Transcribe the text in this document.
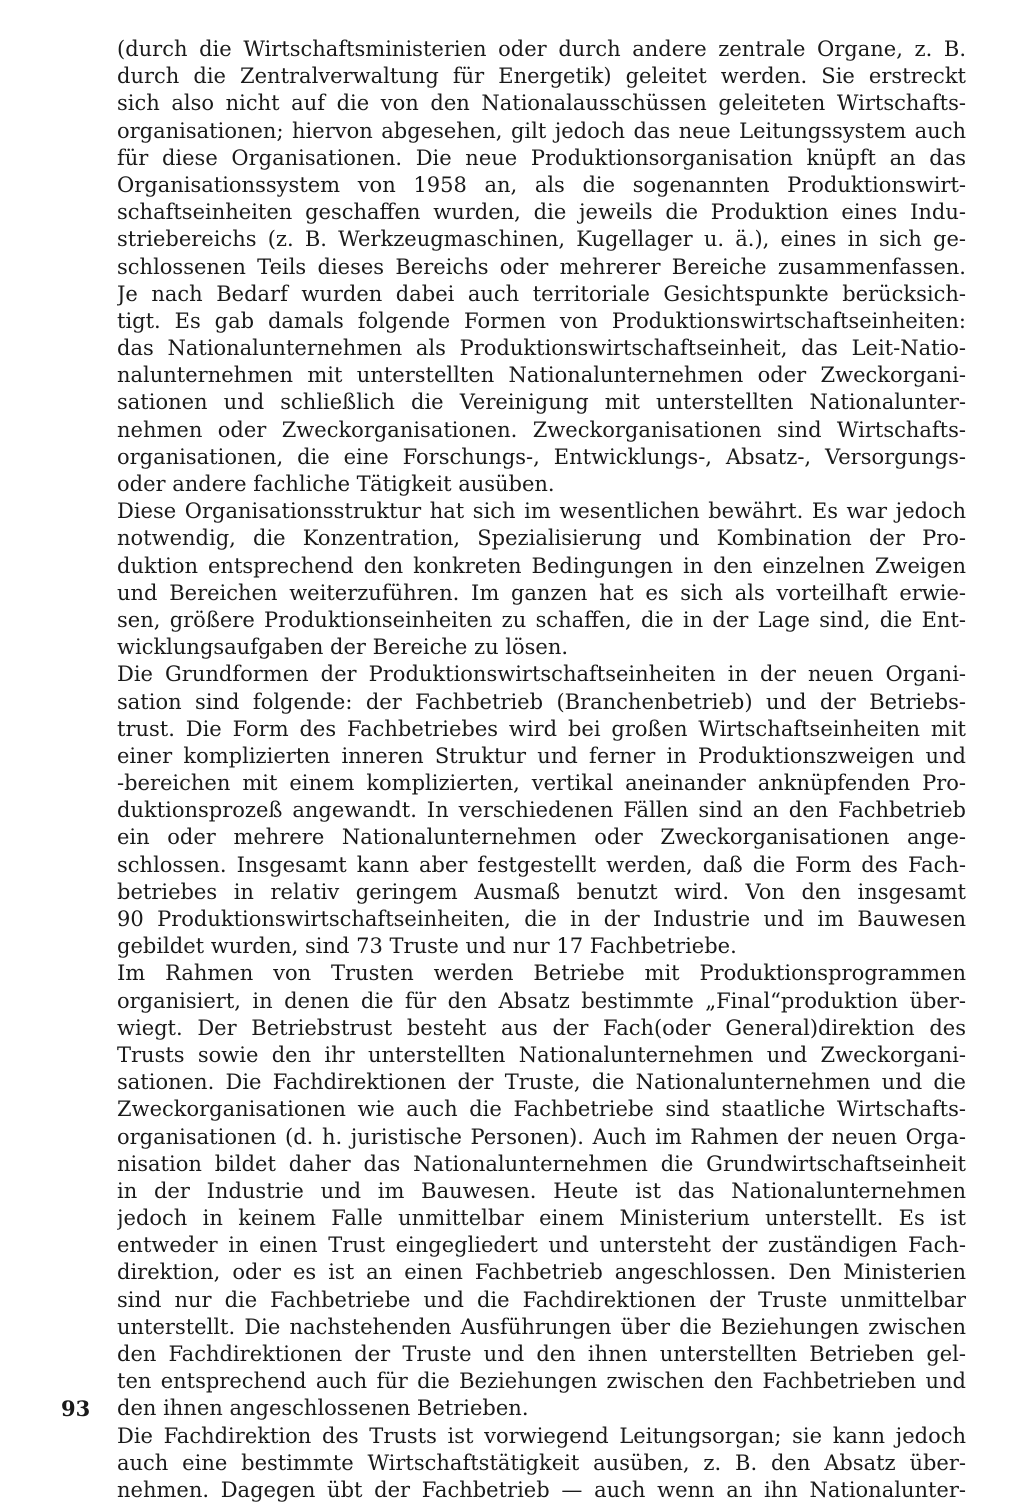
(durch die Wirtschaftsministerien oder durch andere zentrale Organe, z. B.
durch die Zentralverwaltung für Energetik) geleitet werden. Sie erstreckt
sich also nicht auf die von den Nationalausschüssen geleiteten Wirtschafts-
organisationen; hiervon abgesehen, gilt jedoch das neue Leitungssystem auch
für diese Organisationen. Die neue Produktionsorganisation knüpft an das
Organisationssystem von 1958 an, als die sogenannten Produktionswirt-
schaftseinheiten geschaffen wurden, die jeweils die Produktion eines Indu-
striebereichs (z. B. Werkzeugmaschinen, Kugellager u. ä.), eines in sich ge-
schlossenen Teils dieses Bereichs oder mehrerer Bereiche zusammenfassen.
Je nach Bedarf wurden dabei auch territoriale Gesichtspunkte berücksich-
tigt. Es gab damals folgende Formen von Produktionswirtschaftseinheiten:
das Nationalunternehmen als Produktionswirtschaftseinheit, das Leit-Natio-
nalunternehmen mit unterstellten Nationalunternehmen oder Zweckorgani-
sationen und schließlich die Vereinigung mit unterstellten Nationalunter-
nehmen oder Zweckorganisationen. Zweckorganisationen sind Wirtschafts-
organisationen, die eine Forschungs-, Entwicklungs-, Absatz-, Versorgungs-
oder andere fachliche Tätigkeit ausüben.
Diese Organisationsstruktur hat sich im wesentlichen bewährt. Es war jedoch
notwendig, die Konzentration, Spezialisierung und Kombination der Pro-
duktion entsprechend den konkreten Bedingungen in den einzelnen Zweigen
und Bereichen weiterzuführen. Im ganzen hat es sich als vorteilhaft erwie-
sen, größere Produktionseinheiten zu schaffen, die in der Lage sind, die Ent-
wicklungsaufgaben der Bereiche zu lösen.
Die Grundformen der Produktionswirtschaftseinheiten in der neuen Organi-
sation sind folgende: der Fachbetrieb (Branchenbetrieb) und der Betriebs-
trust. Die Form des Fachbetriebes wird bei großen Wirtschaftseinheiten mit
einer komplizierten inneren Struktur und ferner in Produktionszweigen und
-bereichen mit einem komplizierten, vertikal aneinander anknüpfenden Pro-
duktionsprozeß angewandt. In verschiedenen Fällen sind an den Fachbetrieb
ein oder mehrere Nationalunternehmen oder Zweckorganisationen ange-
schlossen. Insgesamt kann aber festgestellt werden, daß die Form des Fach-
betriebes in relativ geringem Ausmaß benutzt wird. Von den insgesamt
90 Produktionswirtschaftseinheiten, die in der Industrie und im Bauwesen
gebildet wurden, sind 73 Truste und nur 17 Fachbetriebe.
Im Rahmen von Trusten werden Betriebe mit Produktionsprogrammen
organisiert, in denen die für den Absatz bestimmte „Final“produktion über-
wiegt. Der Betriebstrust besteht aus der Fach(oder General)direktion des
Trusts sowie den ihr unterstellten Nationalunternehmen und Zweckorgani-
sationen. Die Fachdirektionen der Truste, die Nationalunternehmen und die
Zweckorganisationen wie auch die Fachbetriebe sind staatliche Wirtschafts-
organisationen (d. h. juristische Personen). Auch im Rahmen der neuen Orga-
nisation bildet daher das Nationalunternehmen die Grundwirtschaftseinheit
in der Industrie und im Bauwesen. Heute ist das Nationalunternehmen
jedoch in keinem Falle unmittelbar einem Ministerium unterstellt. Es ist
entweder in einen Trust eingegliedert und untersteht der zuständigen Fach-
direktion, oder es ist an einen Fachbetrieb angeschlossen. Den Ministerien
sind nur die Fachbetriebe und die Fachdirektionen der Truste unmittelbar
unterstellt. Die nachstehenden Ausführungen über die Beziehungen zwischen
den Fachdirektionen der Truste und den ihnen unterstellten Betrieben gel-
ten entsprechend auch für die Beziehungen zwischen den Fachbetrieben und
den ihnen angeschlossenen Betrieben.
Die Fachdirektion des Trusts ist vorwiegend Leitungsorgan; sie kann jedoch
auch eine bestimmte Wirtschaftstätigkeit ausüben, z. B. den Absatz über-
nehmen. Dagegen übt der Fachbetrieb — auch wenn an ihn Nationalunter-
93
